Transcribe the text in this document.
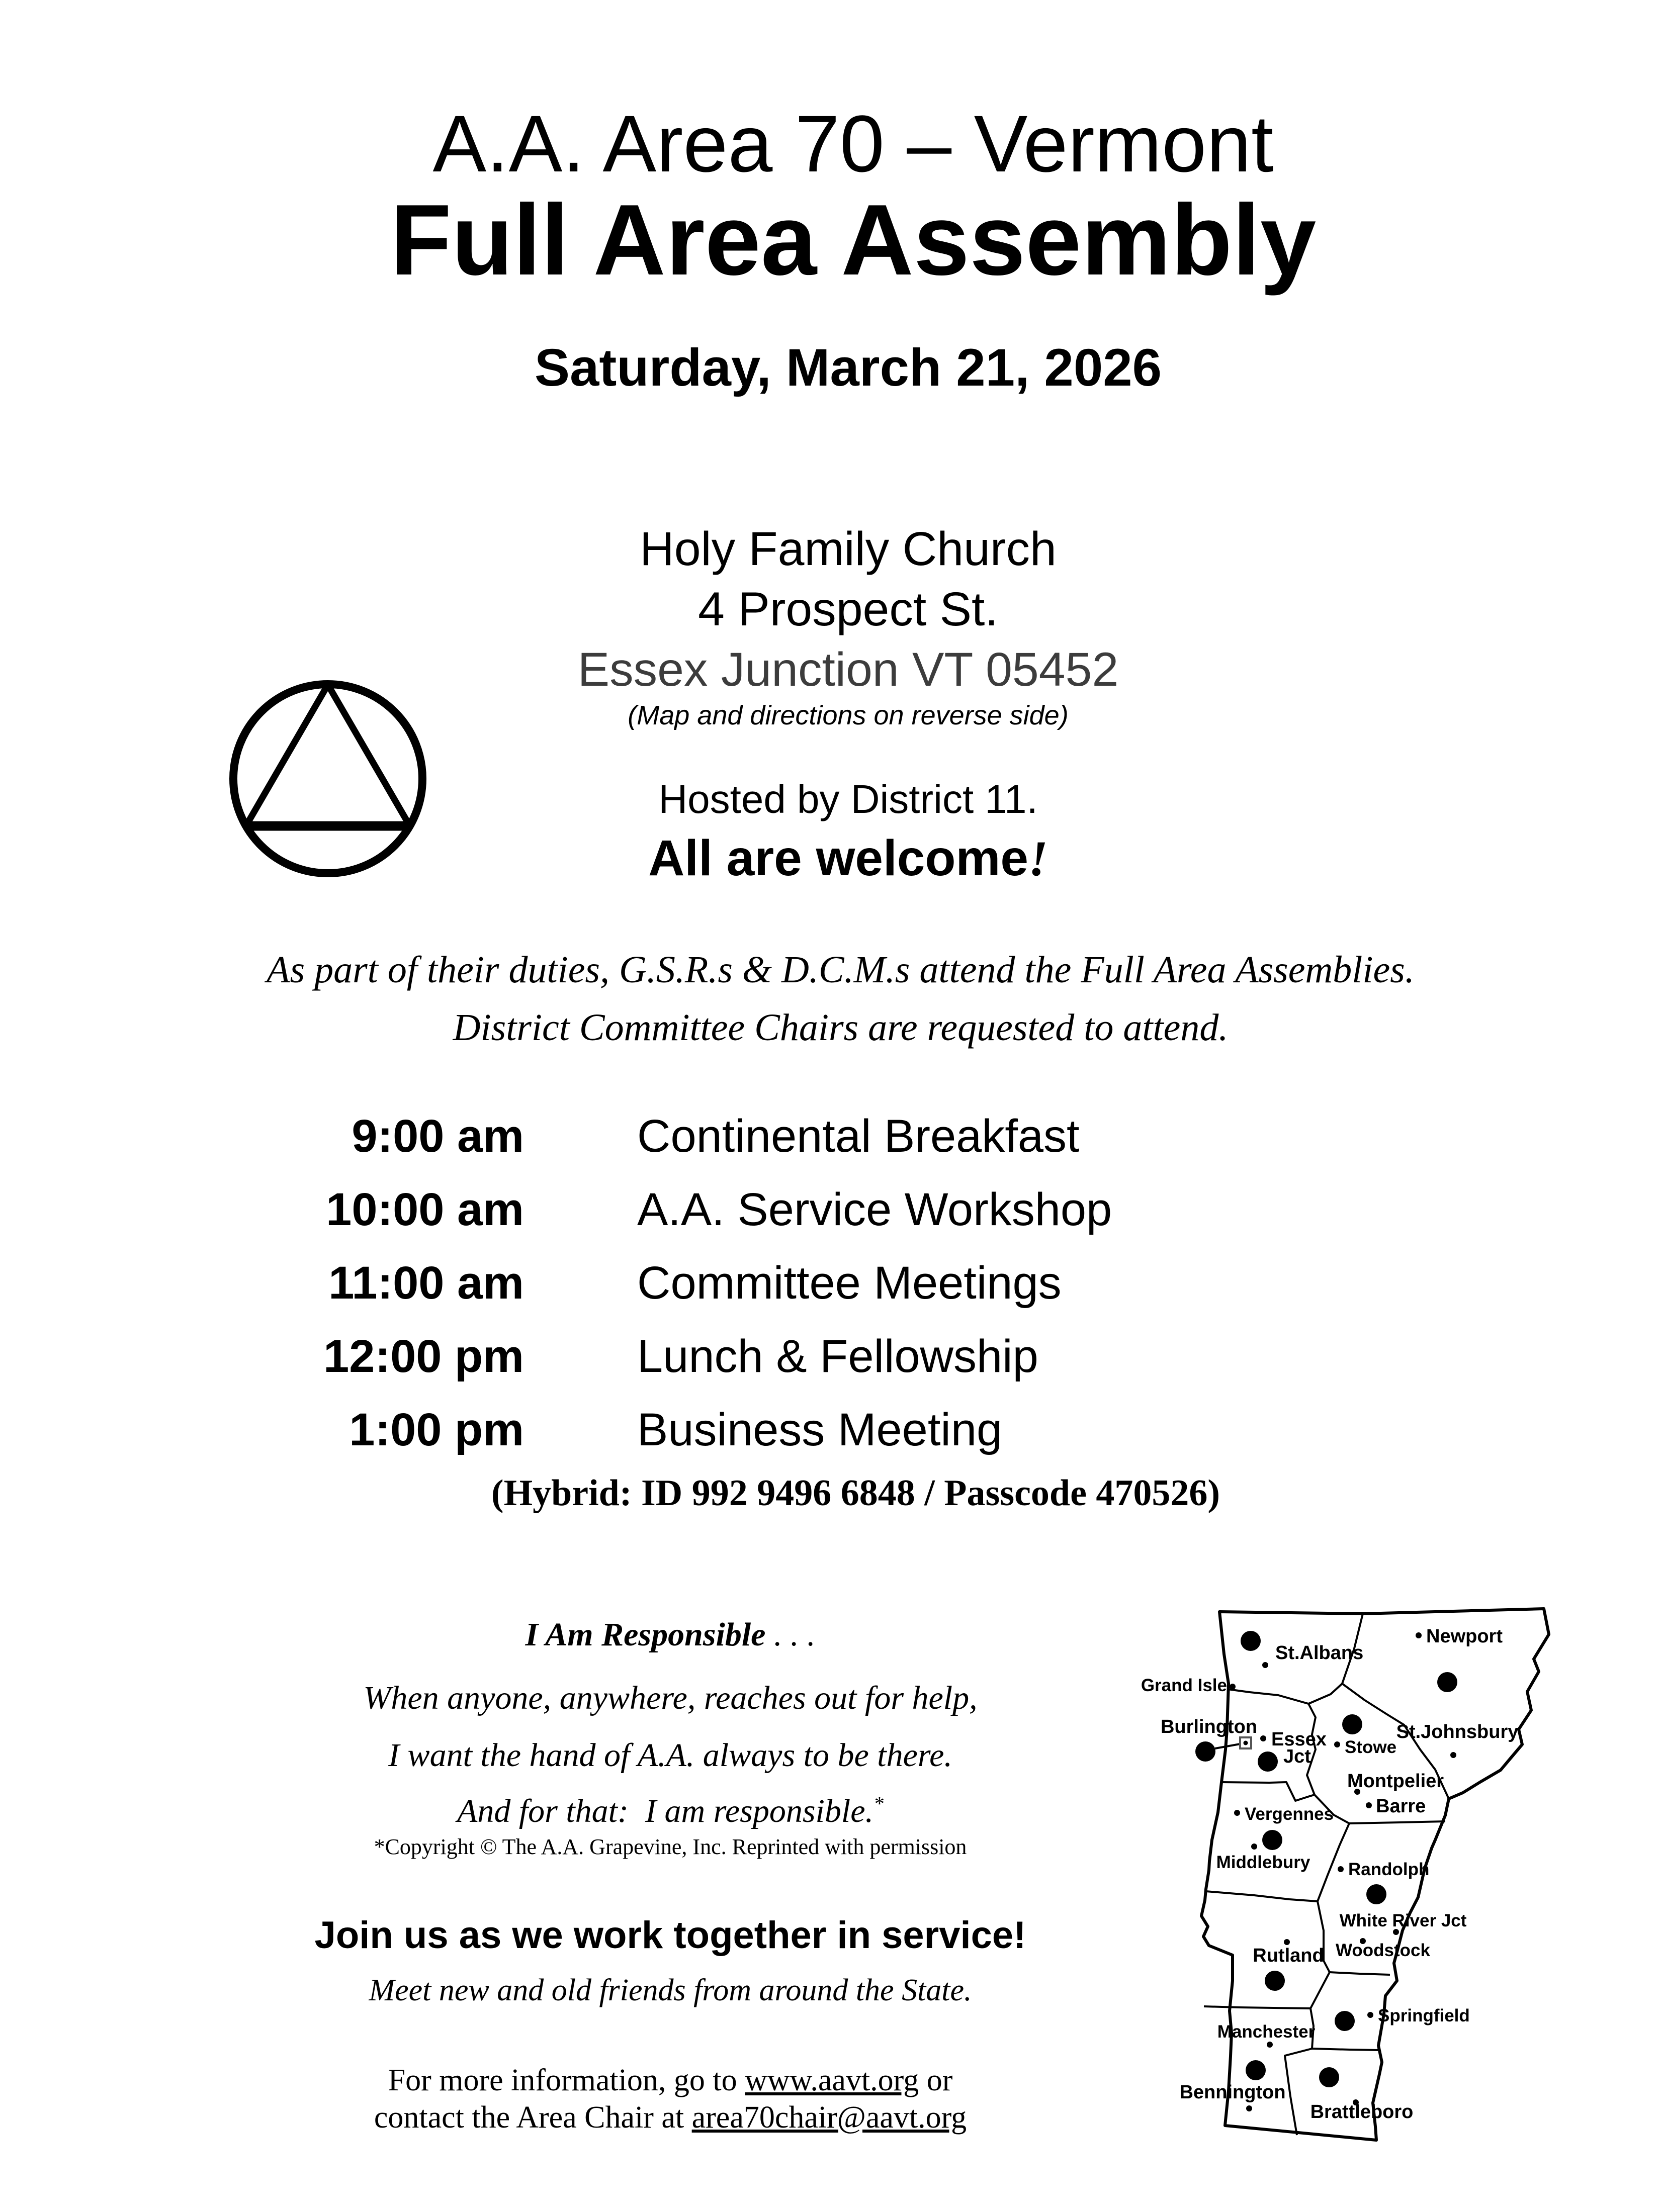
A.A. Area 70 – Vermont
Full Area Assembly
Saturday, March 21, 2026
Holy Family Church
4 Prospect St.
Essex Junction VT 05452
(Map and directions on reverse side)
Hosted by District 11.
All are welcome!
As part of their duties, G.S.R.s & D.C.M.s attend the Full Area Assemblies.
District Committee Chairs are requested to attend.
9:00 am Continental Breakfast
10:00 am A.A. Service Workshop
11:00 am Committee Meetings
12:00 pm Lunch & Fellowship
1:00 pm Business Meeting
(Hybrid: ID 992 9496 6848 / Passcode 470526)
I Am Responsible . . .
When anyone, anywhere, reaches out for help,
I want the hand of A.A. always to be there.
And for that:  I am responsible.*
*Copyright © The A.A. Grapevine, Inc. Reprinted with permission
Join us as we work together in service!
Meet new and old friends from around the State.
For more information, go to www.aavt.org or
contact the Area Chair at area70chair@aavt.org
Grand Isle
St.Albans
Newport
Burlington
Essex
Jct Stowe
St.Johnsbury
Montpelier
Barre
Vergennes
Middlebury Randolph
White River Jct
Woodstock
Rutland
Springfield
Manchester
Bennington
Brattleboro
1
2
3
4
5
6
7	8
9
10
11
